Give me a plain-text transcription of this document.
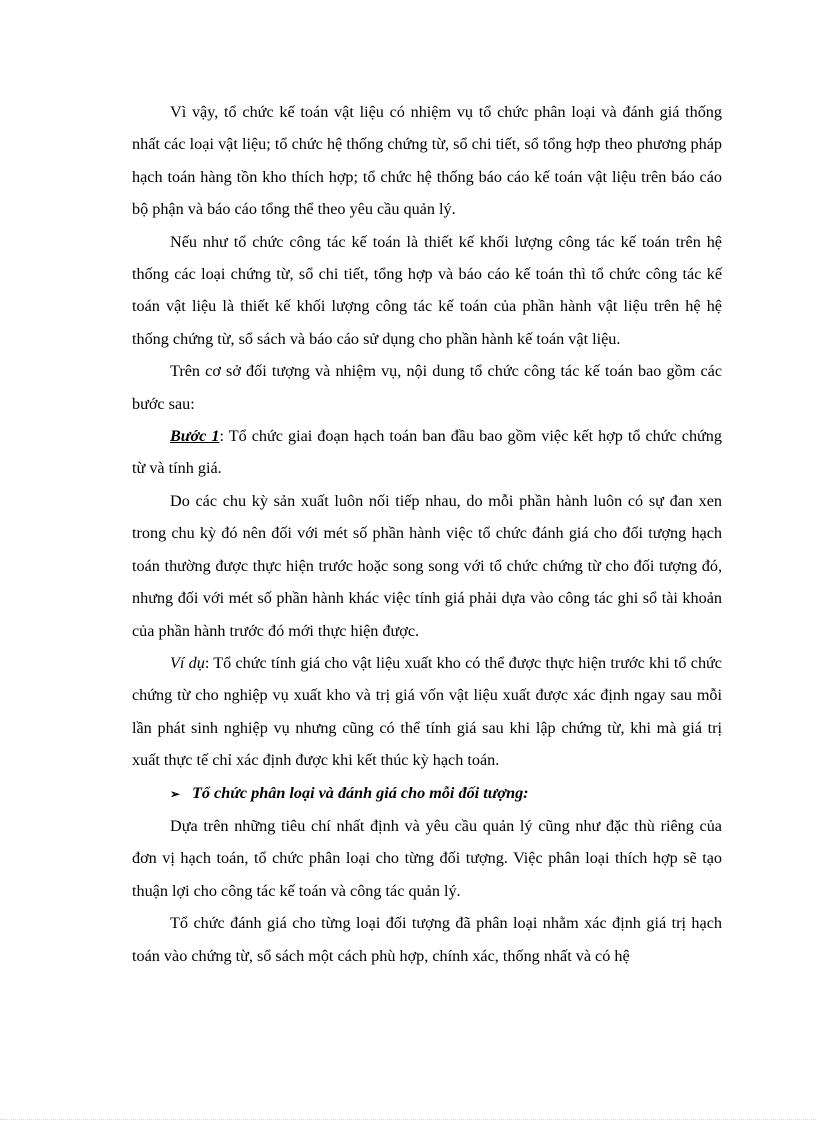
Vì vậy, tổ chức kế toán vật liệu có nhiệm vụ tổ chức phân loại và đánh giá thống nhất các loại vật liệu; tổ chức hệ thống chứng từ, sổ chi tiết, sổ tổng hợp theo phương pháp hạch toán hàng tồn kho thích hợp; tổ chức hệ thống báo cáo kế toán vật liệu trên báo cáo bộ phận và báo cáo tổng thể theo yêu cầu quản lý.

Nếu như tổ chức công tác kế toán là thiết kế khối lượng công tác kế toán trên hệ thống các loại chứng từ, sổ chi tiết, tổng hợp và báo cáo kế toán thì tổ chức công tác kế toán vật liệu là thiết kế khối lượng công tác kế toán của phần hành vật liệu trên hệ hệ thống chứng từ, sổ sách và báo cáo sử dụng cho phần hành kế toán vật liệu.

Trên cơ sở đối tượng và nhiệm vụ, nội dung tổ chức công tác kế toán bao gồm các bước sau:

Bước 1: Tổ chức giai đoạn hạch toán ban đầu bao gồm việc kết hợp tổ chức chứng từ và tính giá.

Do các chu kỳ sản xuất luôn nối tiếp nhau, do mỗi phần hành luôn có sự đan xen trong chu kỳ đó nên đối với mét số phần hành việc tổ chức đánh giá cho đối tượng hạch toán thường được thực hiện trước hoặc song song với tổ chức chứng từ cho đối tượng đó, nhưng đối với mét số phần hành khác việc tính giá phải dựa vào công tác ghi sổ tài khoản của phần hành trước đó mới thực hiện được.

Ví dụ: Tổ chức tính giá cho vật liệu xuất kho có thể được thực hiện trước khi tổ chức chứng từ cho nghiệp vụ xuất kho và trị giá vốn vật liệu xuất được xác định ngay sau mỗi lần phát sinh nghiệp vụ nhưng cũng có thể tính giá sau khi lập chứng từ, khi mà giá trị xuất thực tế chỉ xác định được khi kết thúc kỳ hạch toán.

➢ Tổ chức phân loại và đánh giá cho mỗi đối tượng:

Dựa trên những tiêu chí nhất định và yêu cầu quản lý cũng như đặc thù riêng của đơn vị hạch toán, tổ chức phân loại cho từng đối tượng. Việc phân loại thích hợp sẽ tạo thuận lợi cho công tác kế toán và công tác quản lý.

Tổ chức đánh giá cho từng loại đối tượng đã phân loại nhằm xác định giá trị hạch toán vào chứng từ, sổ sách một cách phù hợp, chính xác, thống nhất và có hệ
